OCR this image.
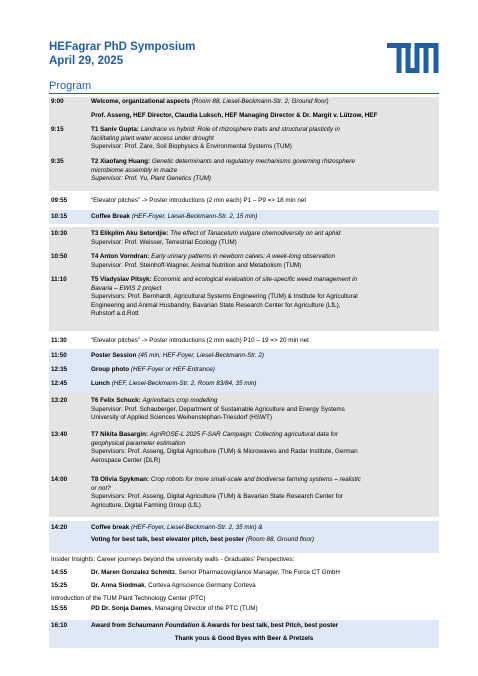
HEFagrar PhD Symposium
April 29, 2025
Program
9:00	Welcome, organizational aspects (Room 88, Liesel-Beckmann-Str. 2, Ground floor)
Prof. Asseng, HEF Director, Claudia Luksch, HEF Managing Director & Dr. Margit v. Lützow, HEF
9:15	T1 Saniv Gupta: Landrace vs hybrid: Role of rhizosphere traits and structural plasticity in
facilitating plant water access under drought
Supervisor: Prof. Zare, Soil Biophysics & Environmental Systems (TUM)
9:35	T2 Xiaofang Huang: Genetic determinants and regulatory mechanisms governing rhizosphere
microbiome assembly in maize
Supervisor: Prof. Yu, Plant Genetics (TUM)
09:55	“Elevator pitches” -> Poster introductions (2 min each) P1 – P9 => 18 min net
10:15	Coffee Break (HEF-Foyer, Liesel-Beckmann-Str. 2, 15 min)
10:30	T3 Elikplim Aku Setordjie: The effect of Tanacetum vulgare chemodiversity on ant aphid
Supervisor: Prof. Weisser, Terrestrial Ecology (TUM)
10:50	T4 Anton Vorndran: Early urinary patterns in newborn calves: A week-long observation
Supervisor: Prof. Steinhoff-Wagner, Animal Nutrition and Metabolism (TUM)
11:10	T5 Vladyslav Pitsyk: Economic and ecological evaluation of site-specific weed management in
Bavaria – EWIS 2 project
Supervisors: Prof. Bernhardt, Agricultural Systems Engineering (TUM) & Institute for Agricultural
Engineering and Animal Husbandry, Bavarian State Research Center for Agriculture (LfL),
Ruhstorf a.d.Rott
11:30	“Elevator pitches” -> Poster introductions (2 min each) P10 – 19 => 20 min net
11:50	Poster Session (45 min; HEF-Foyer, Liesel-Beckmann-Str. 2)
12:35	Group photo (HEF-Foyer or HEF-Entrance)
12:45	Lunch (HEF, Liesel-Beckmann-Str. 2, Room 83/84, 35 min)
13:20	T6 Felix Schuck: Agrivoltaics crop modelling
Supervisor: Prof. Schauberger, Department of Sustainable Agriculture and Energy Systems
University of Applied Sciences Weihenstephan-Triesdorf (HSWT)
13:40	T7 Nikita Basargin: AgriROSE-L 2025 F-SAR Campaign: Collecting agricultural data for
geophysical parameter estimation
Supervisors: Prof. Asseng, Digital Agriculture (TUM) & Microwaves and Radar Institute, German
Aerospace Center (DLR)
14:00	T8 Olivia Spykman: Crop robots for more small-scale and biodiverse farming systems – realistic
or not?
Supervisors: Prof. Asseng, Digital Agriculture (TUM) & Bavarian State Research Center for
Agriculture, Digital Farming Group (LfL)
14:20	Coffee break (HEF-Foyer, Liesel-Beckmann-Str. 2, 35 min) &
Voting for best talk, best elevator pitch, best poster (Room 88, Ground floor)
Insider Insights: Career journeys beyond the university walls - Graduates' Perspectives:
14:55	Dr. Maren Gonzalez Schmitz, Senior Pharmacovigilance Manager, The Force CT GmbH
15:25	Dr. Anna Siodmak, Corteva Agriscience Germany Corteva
Introduction of the TUM Plant Technology Center (PTC)
15:55	PD Dr. Sonja Dames, Managing Director of the PTC (TUM)
16:10	Award from Schaumann Foundation & Awards for best talk, best Pitch, best poster
Thank yous & Good Byes with Beer & Pretzels
